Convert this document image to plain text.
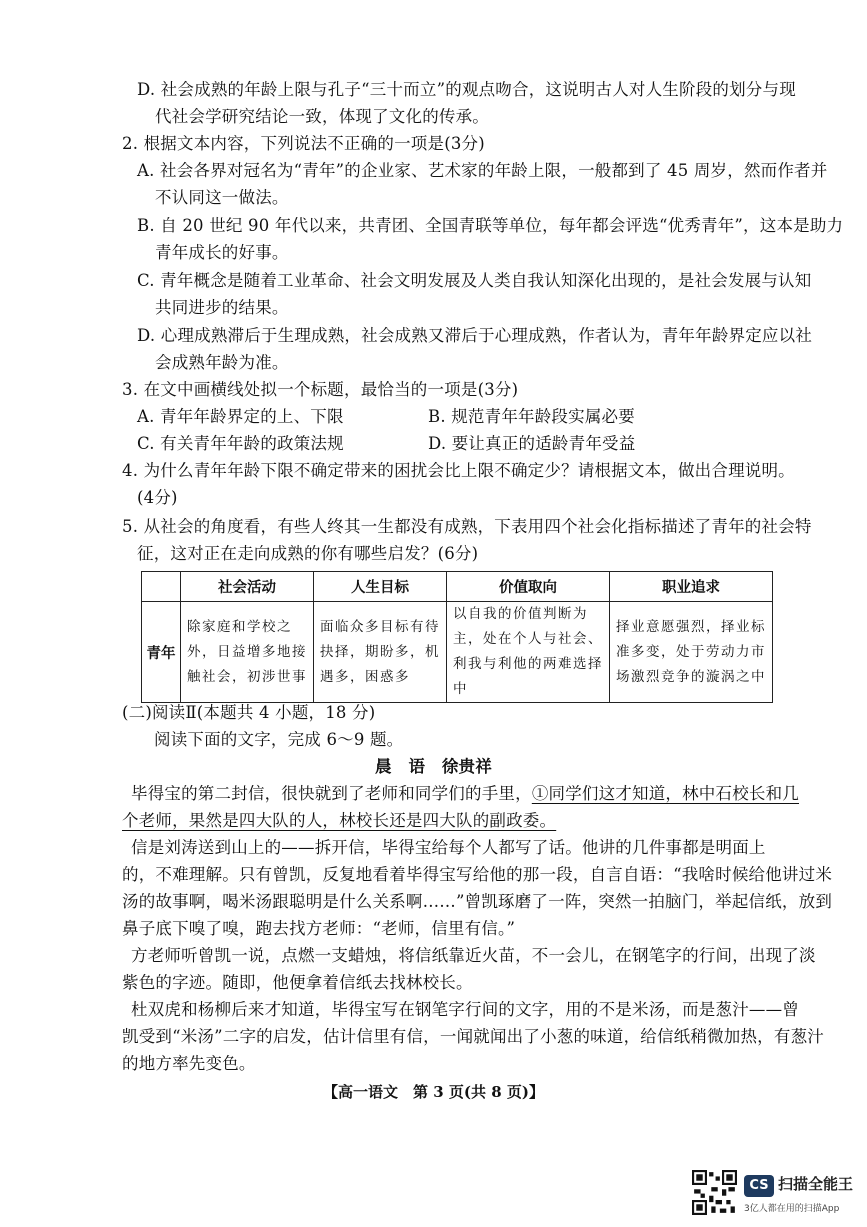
D. 社会成熟的年龄上限与孔子“三十而立”的观点吻合，这说明古人对人生阶段的划分与现
代社会学研究结论一致，体现了文化的传承。
2. 根据文本内容，下列说法不正确的一项是(3分)
A. 社会各界对冠名为“青年”的企业家、艺术家的年龄上限，一般都到了 45 周岁，然而作者并
不认同这一做法。
B. 自 20 世纪 90 年代以来，共青团、全国青联等单位，每年都会评选“优秀青年”，这本是助力
青年成长的好事。
C. 青年概念是随着工业革命、社会文明发展及人类自我认知深化出现的，是社会发展与认知
共同进步的结果。
D. 心理成熟滞后于生理成熟，社会成熟又滞后于心理成熟，作者认为，青年年龄界定应以社
会成熟年龄为准。
3. 在文中画横线处拟一个标题，最恰当的一项是(3分)
A. 青年年龄界定的上、下限	B. 规范青年年龄段实属必要
C. 有关青年年龄的政策法规	D. 要让真正的适龄青年受益
4. 为什么青年年龄下限不确定带来的困扰会比上限不确定少？请根据文本，做出合理说明。
(4分)
5. 从社会的角度看，有些人终其一生都没有成熟，下表用四个社会化指标描述了青年的社会特
征，这对正在走向成熟的你有哪些启发？(6分)
	社会活动	人生目标	价值取向	职业追求
青年	除家庭和学校之外，日益增多地接触社会，初涉世事	面临众多目标有待抉择，期盼多，机遇多，困惑多	以自我的价值判断为主，处在个人与社会、利我与利他的两难选择中	择业意愿强烈，择业标准多变，处于劳动力市场激烈竞争的漩涡之中
(二)阅读Ⅱ(本题共 4 小题，18 分)
阅读下面的文字，完成 6～9 题。
晨　语　徐贵祥
毕得宝的第二封信，很快就到了老师和同学们的手里，①同学们这才知道，林中石校长和几
个老师，果然是四大队的人，林校长还是四大队的副政委。
信是刘涛送到山上的——拆开信，毕得宝给每个人都写了话。他讲的几件事都是明面上
的，不难理解。只有曾凯，反复地看着毕得宝写给他的那一段，自言自语：“我啥时候给他讲过米
汤的故事啊，喝米汤跟聪明是什么关系啊……”曾凯琢磨了一阵，突然一拍脑门，举起信纸，放到
鼻子底下嗅了嗅，跑去找方老师：“老师，信里有信。”
方老师听曾凯一说，点燃一支蜡烛，将信纸靠近火苗，不一会儿，在钢笔字的行间，出现了淡
紫色的字迹。随即，他便拿着信纸去找林校长。
杜双虎和杨柳后来才知道，毕得宝写在钢笔字行间的文字，用的不是米汤，而是葱汁——曾
凯受到“米汤”二字的启发，估计信里有信，一闻就闻出了小葱的味道，给信纸稍微加热，有葱汁
的地方率先变色。
【高一语文　第 3 页(共 8 页)】
CS 扫描全能王
3亿人都在用的扫描App
